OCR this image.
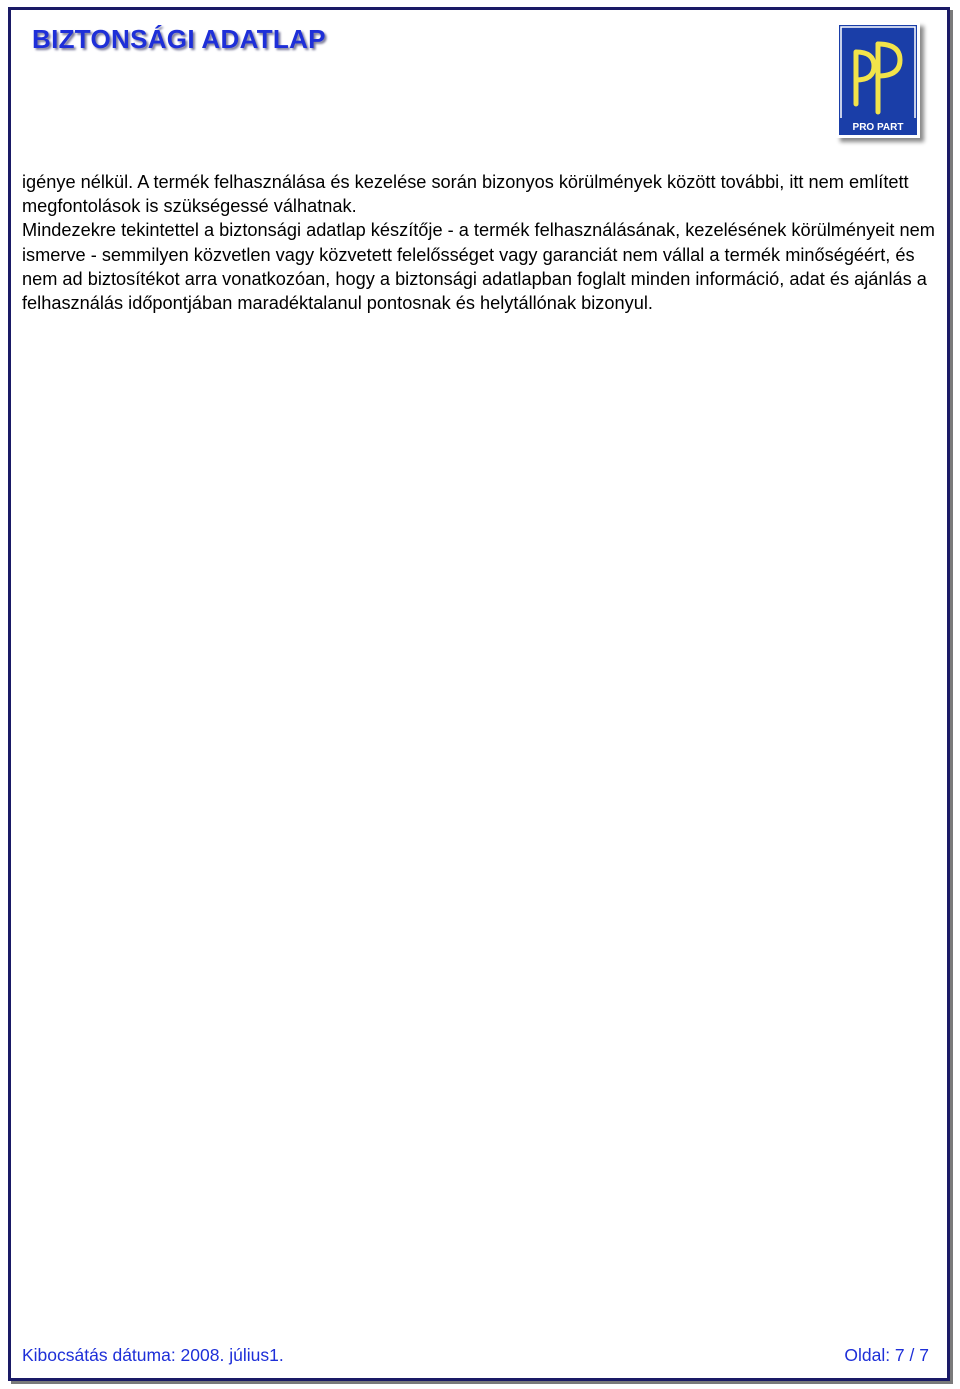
BIZTONSÁGI ADATLAP
PRO PART

igénye nélkül. A termék felhasználása és kezelése során bizonyos körülmények között további, itt nem említett megfontolások is szükségessé válhatnak.

Mindezekre tekintettel a biztonsági adatlap készítője - a termék felhasználásának, kezelésének körülményeit nem ismerve - semmilyen közvetlen vagy közvetett felelősséget vagy garanciát nem vállal a termék minőségéért, és nem ad biztosítékot arra vonatkozóan, hogy a biztonsági adatlapban foglalt minden információ, adat és ajánlás a felhasználás időpontjában maradéktalanul pontosnak és helytállónak bizonyul.

Kibocsátás dátuma: 2008. július1.	Oldal: 7 / 7
